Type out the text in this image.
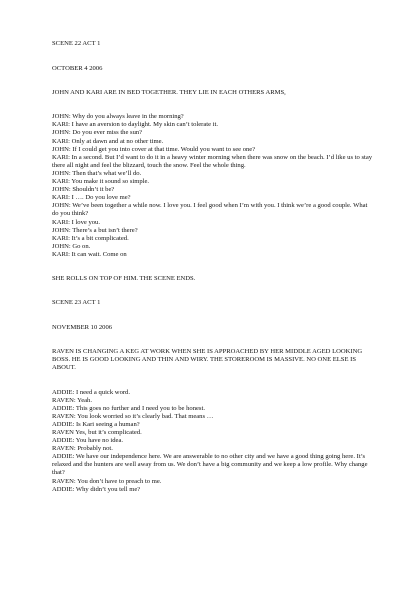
SCENE 22 ACT 1

OCTOBER 4 2006

JOHN AND KARI ARE IN BED TOGETHER. THEY LIE IN EACH OTHERS ARMS,

JOHN: Why do you always leave in the morning?
KARI: I have an aversion to daylight. My skin can’t tolerate it.
JOHN: Do you ever miss the sun?
KARI: Only at dawn and at no other time.
JOHN: If I could get you into cover at that time. Would you want to see one?
KARI: In a second. But I’d want to do it in a heavy winter morning when there was snow on the beach. I’d like us to stay there all night and feel the blizzard, touch the snow. Feel the whole thing.
JOHN: Then that’s what we’ll do.
KARI: You make it sound so simple.
JOHN: Shouldn’t it be?
KARI: I …. Do you love me?
JOHN: We’ve been together a while now. I love you. I feel good when I’m with you. I think we’re a good couple. What do you think?
KARI: I love you.
JOHN: There’s a but isn’t there?
KARI: It’s a bit complicated.
JOHN: Go on.
KARI: It can wait. Come on

SHE ROLLS ON TOP OF HIM. THE SCENE ENDS.

SCENE 23 ACT 1

NOVEMBER 10 2006

RAVEN IS CHANGING A KEG AT WORK WHEN SHE IS APPROACHED BY HER MIDDLE AGED LOOKING BOSS. HE IS GOOD LOOKING AND THIN AND WIRY. THE STOREROOM IS MASSIVE. NO ONE ELSE IS ABOUT.

ADDIE: I need a quick word.
RAVEN: Yeah.
ADDIE: This goes no further and I need you to be honest.
RAVEN: You look worried so it’s clearly bad. That means …
ADDIE: Is Kari seeing a human?
RAVEN Yes, but it’s complicated.
ADDIE: You have no idea.
RAVEN: Probably not.
ADDIE: We have our independence here. We are answerable to no other city and we have a good thing going here. It’s relaxed and the hunters are well away from us. We don’t have a big community and we keep a low profile. Why change that?
RAVEN: You don’t have to preach to me.
ADDIE: Why didn’t you tell me?
